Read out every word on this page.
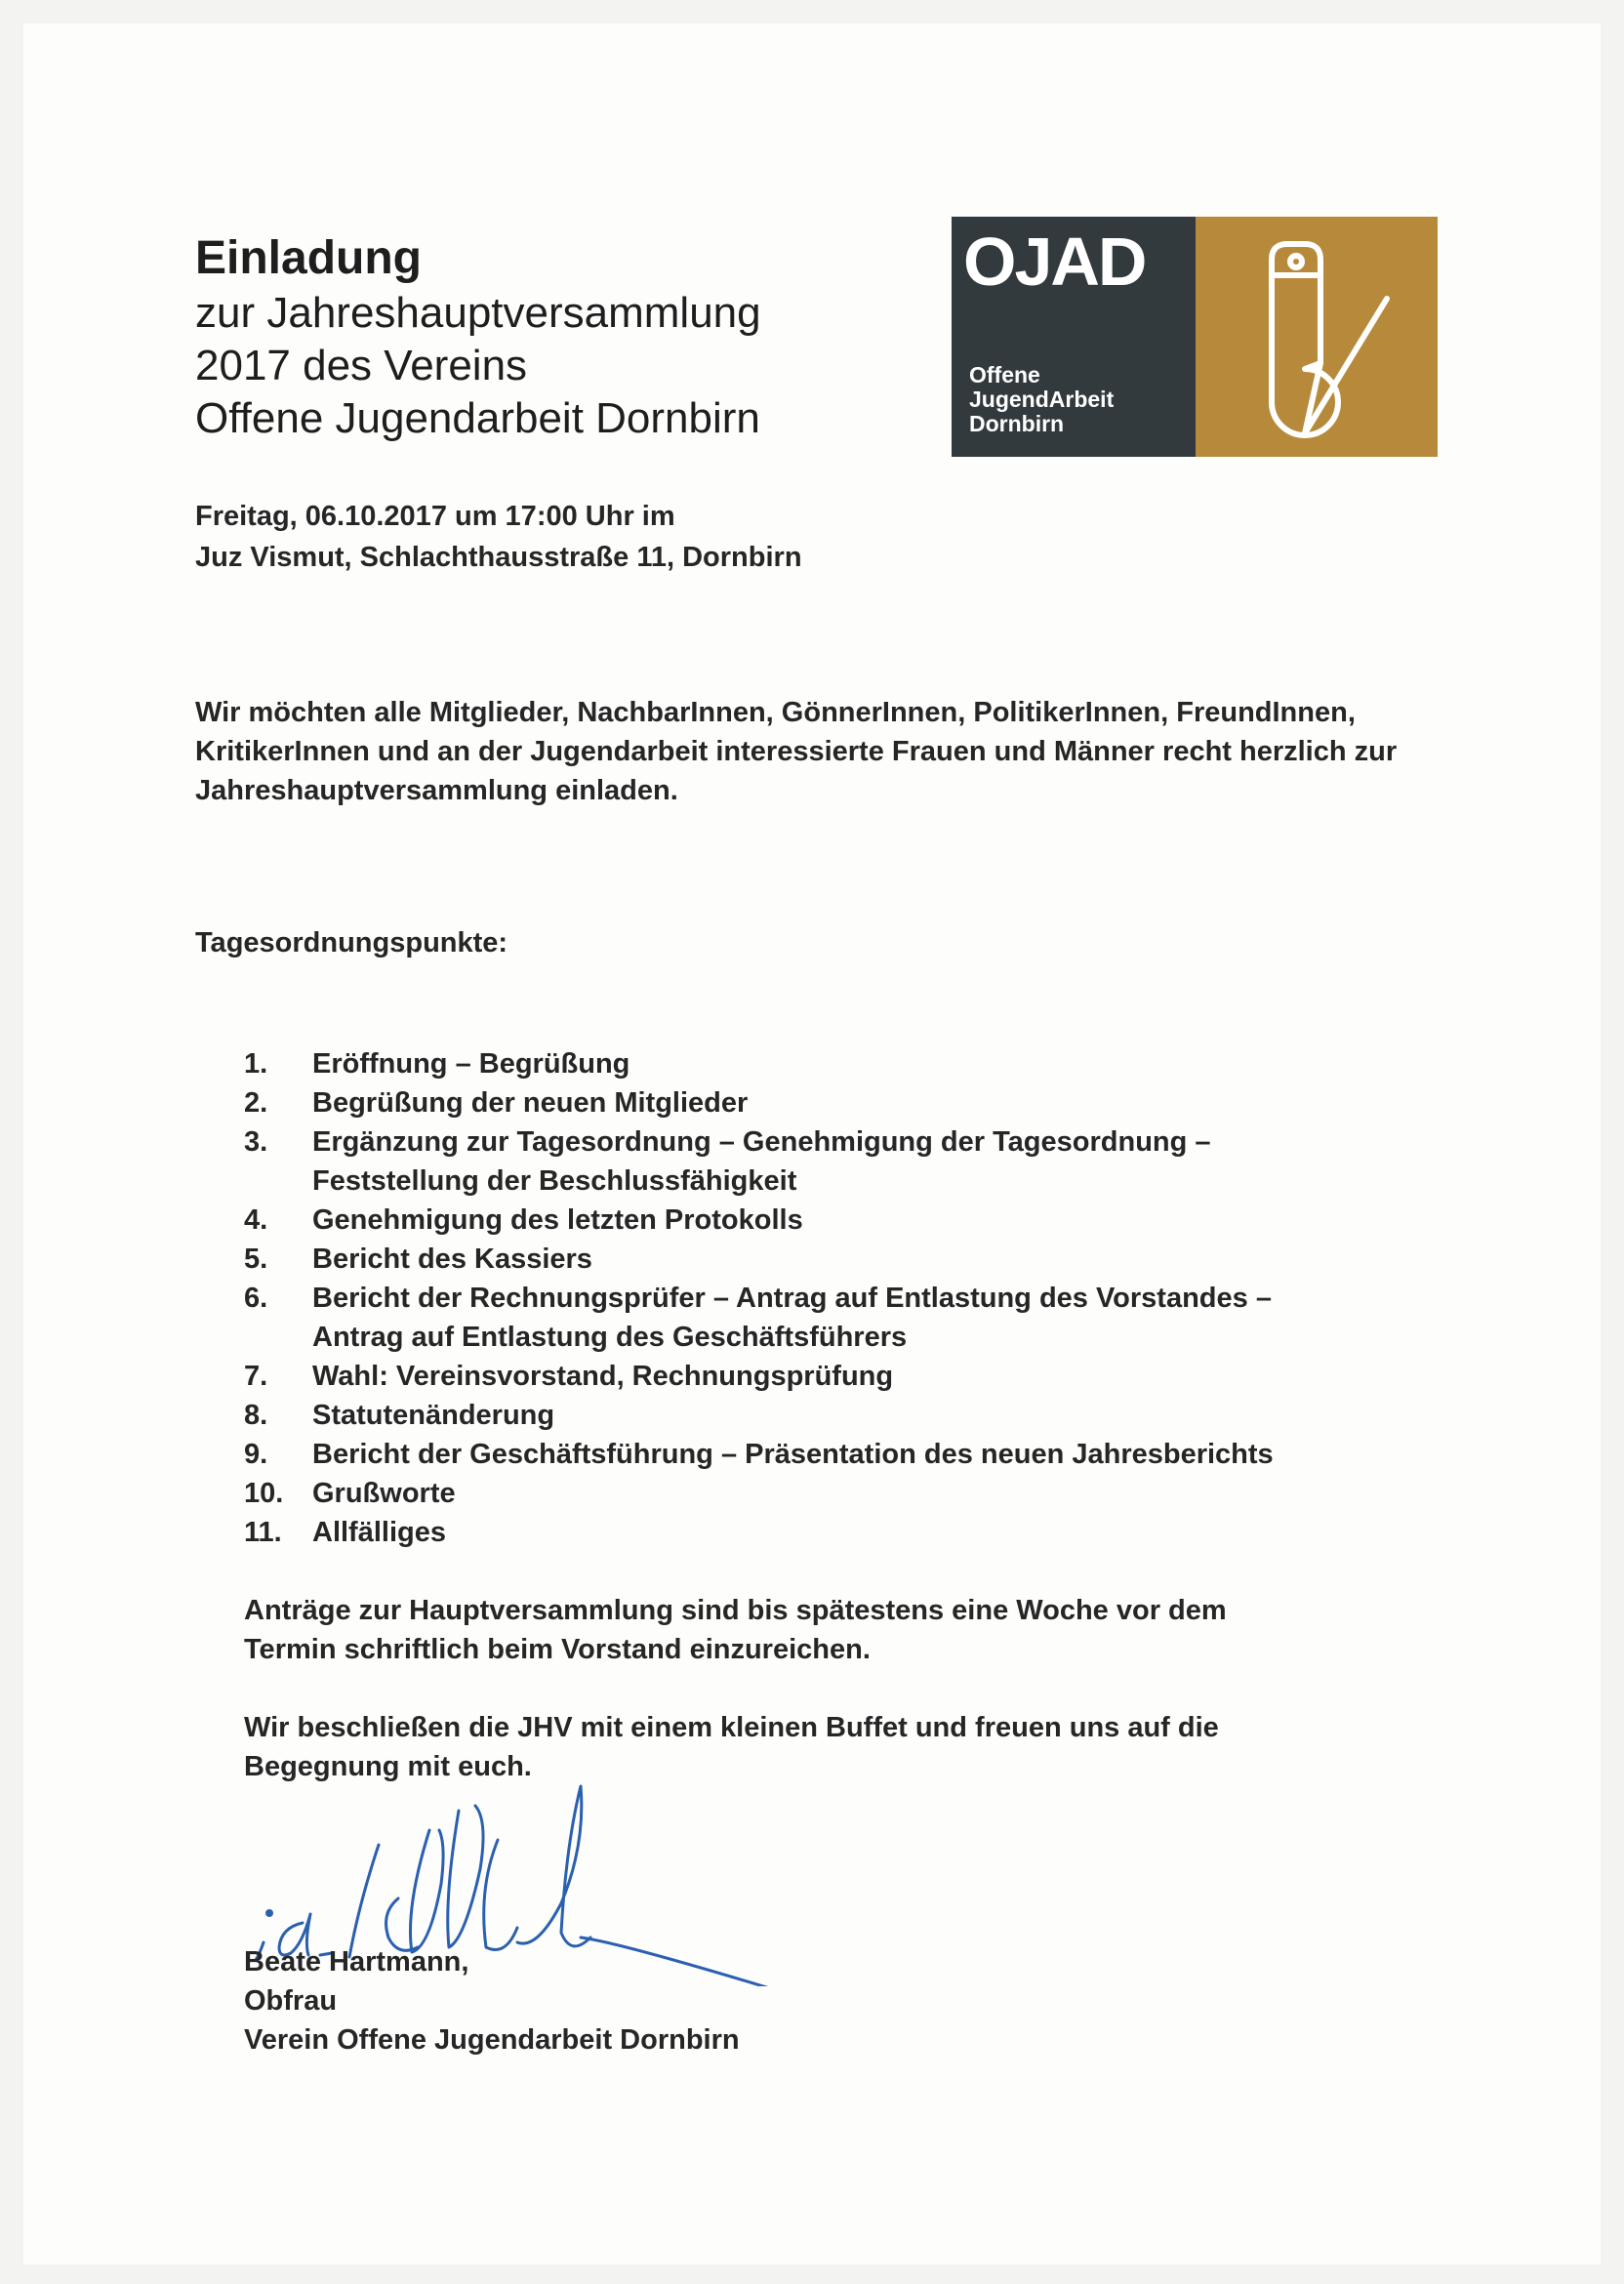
Einladung
zur Jahreshauptversammlung
2017 des Vereins
Offene Jugendarbeit Dornbirn
OJAD
Offene
JugendArbeit
Dornbirn
Freitag, 06.10.2017 um 17:00 Uhr im
Juz Vismut, Schlachthausstraße 11, Dornbirn

Wir möchten alle Mitglieder, NachbarInnen, GönnerInnen, PolitikerInnen, FreundInnen, KritikerInnen und an der Jugendarbeit interessierte Frauen und Männer recht herzlich zur Jahreshauptversammlung einladen.

Tagesordnungspunkte:
1.	Eröffnung – Begrüßung
2.	Begrüßung der neuen Mitglieder
3.	Ergänzung zur Tagesordnung – Genehmigung der Tagesordnung –
Feststellung der Beschlussfähigkeit
4.	Genehmigung des letzten Protokolls
5.	Bericht des Kassiers
6.	Bericht der Rechnungsprüfer – Antrag auf Entlastung des Vorstandes –
Antrag auf Entlastung des Geschäftsführers
7.	Wahl: Vereinsvorstand, Rechnungsprüfung
8.	Statutenänderung
9.	Bericht der Geschäftsführung – Präsentation des neuen Jahresberichts
10.	Grußworte
11.	Allfälliges

Anträge zur Hauptversammlung sind bis spätestens eine Woche vor dem
Termin schriftlich beim Vorstand einzureichen.

Wir beschließen die JHV mit einem kleinen Buffet und freuen uns auf die
Begegnung mit euch.

Beate Hartmann,
Obfrau
Verein Offene Jugendarbeit Dornbirn
